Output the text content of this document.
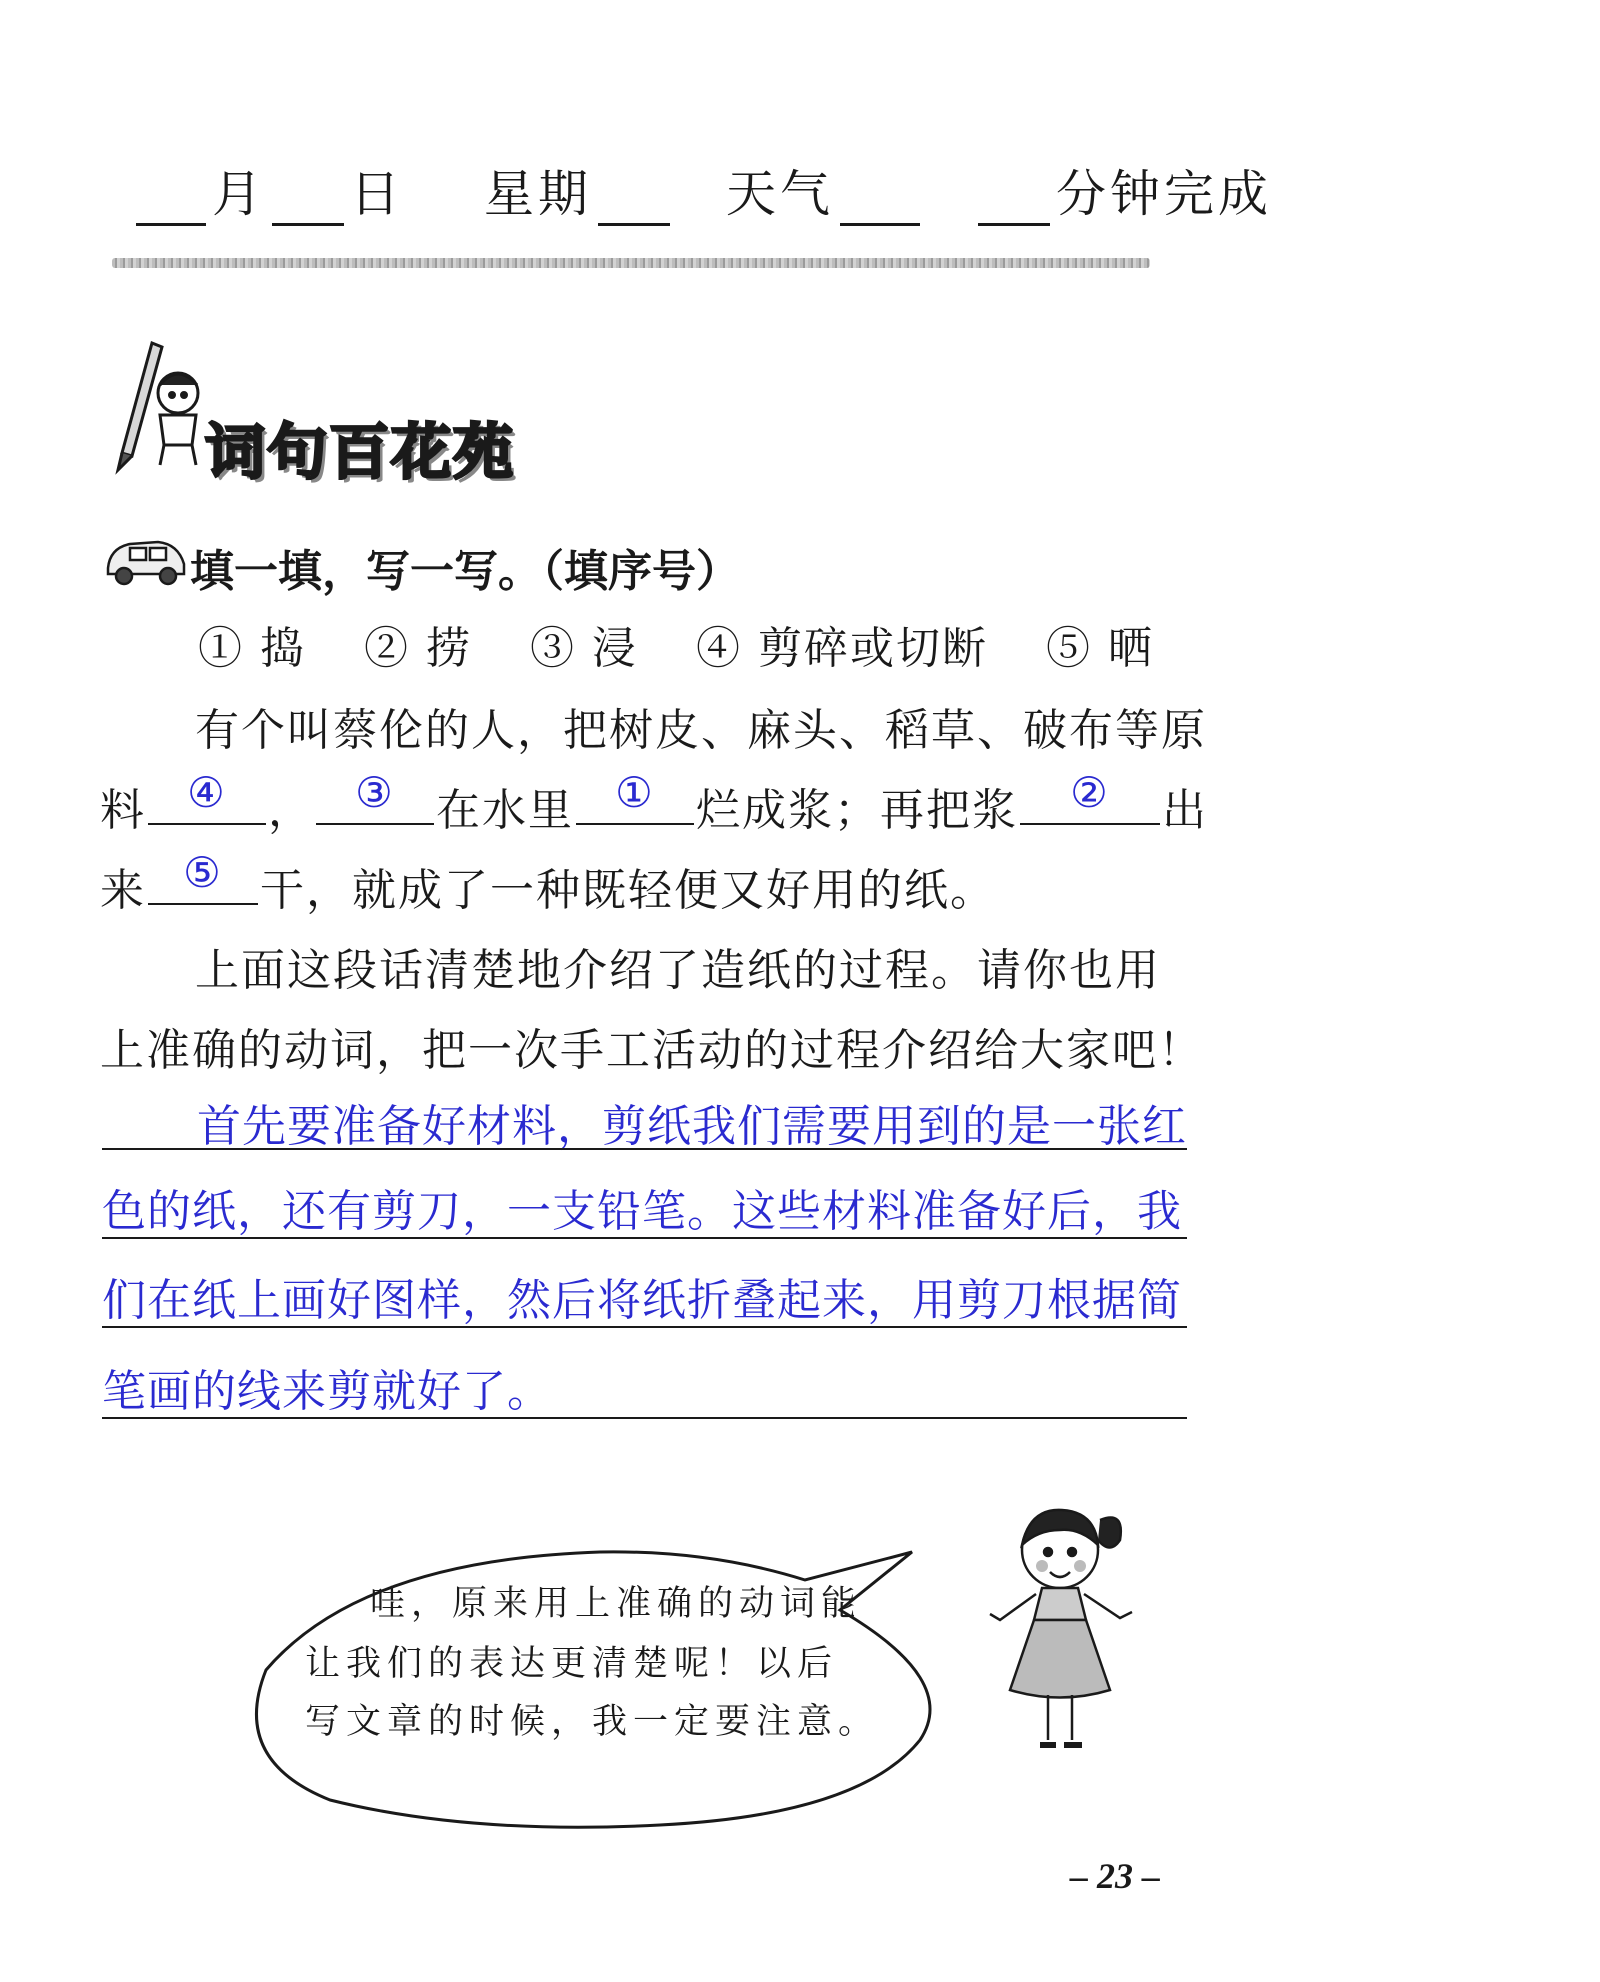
月 日 星期	天气	分钟完成
词句百花苑
填一填，写一写。（填序号）
① 捣 ② 捞 ③ 浸 ④ 剪碎或切断 ⑤ 晒
有个叫蔡伦的人，把树皮、麻头、稻草、破布等原
料 ④ ， ③ 在水里 ① 烂成浆；再把浆	②	出
来 ⑤ 干，就成了一种既轻便又好用的纸。
上面这段话清楚地介绍了造纸的过程。请你也用
上准确的动词，把一次手工活动的过程介绍给大家吧！
首先要准备好材料，剪纸我们需要用到的是一张红
色的纸，还有剪刀，一支铅笔。这些材料准备好后，我
们在纸上画好图样，然后将纸折叠起来，用剪刀根据简
笔画的线来剪就好了。
哇，原来用上准确的动词能
让我们的表达更清楚呢！以后
写文章的时候，我一定要注意。
– 23 –
